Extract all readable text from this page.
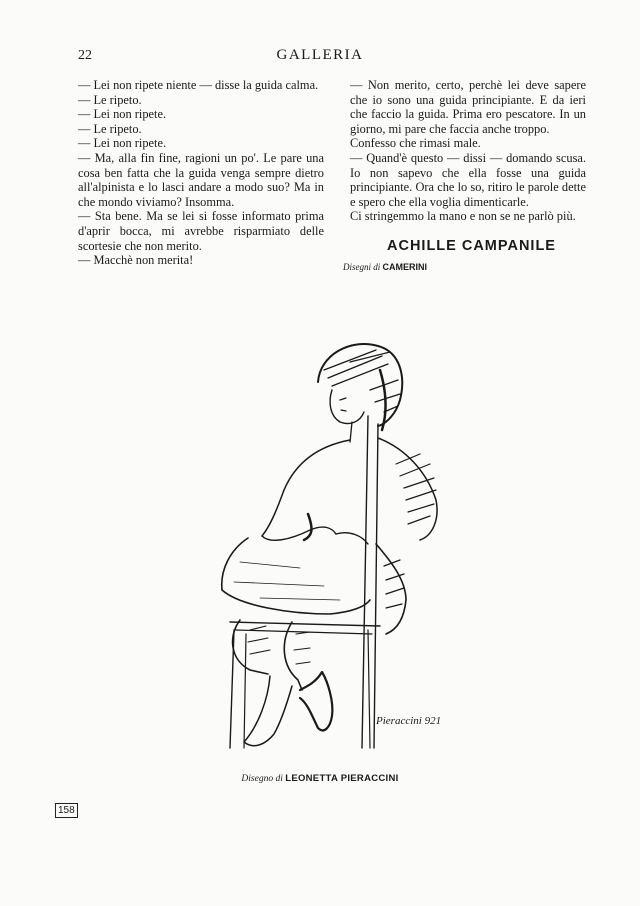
22	GALLERIA

— Lei non ripete niente — disse la guida calma.

— Le ripeto.

— Lei non ripete.

— Le ripeto.

— Lei non ripete.

— Ma, alla fin fine, ragioni un po'. Le pare una cosa ben fatta che la guida venga sempre dietro all'alpinista e lo lasci andare a modo suo? Ma in che mondo viviamo? Insomma.

— Sta bene. Ma se lei si fosse informato prima d'aprir bocca, mi avrebbe risparmiato delle scortesie che non merito.

— Macchè non merita!

— Non merito, certo, perchè lei deve sapere che io sono una guida principiante. E da ieri che faccio la guida. Prima ero pescatore. In un giorno, mi pare che faccia anche troppo.

Confesso che rimasi male.

— Quand'è questo — dissi — domando scusa. Io non sapevo che ella fosse una guida principiante. Ora che lo so, ritiro le parole dette e spero che ella voglia dimenticarle.

Ci stringemmo la mano e non se ne parlò più.

ACHILLE CAMPANILE
Disegni di CAMERINI
Pieraccini 921
Disegno di LEONETTA PIERACCINI
158
